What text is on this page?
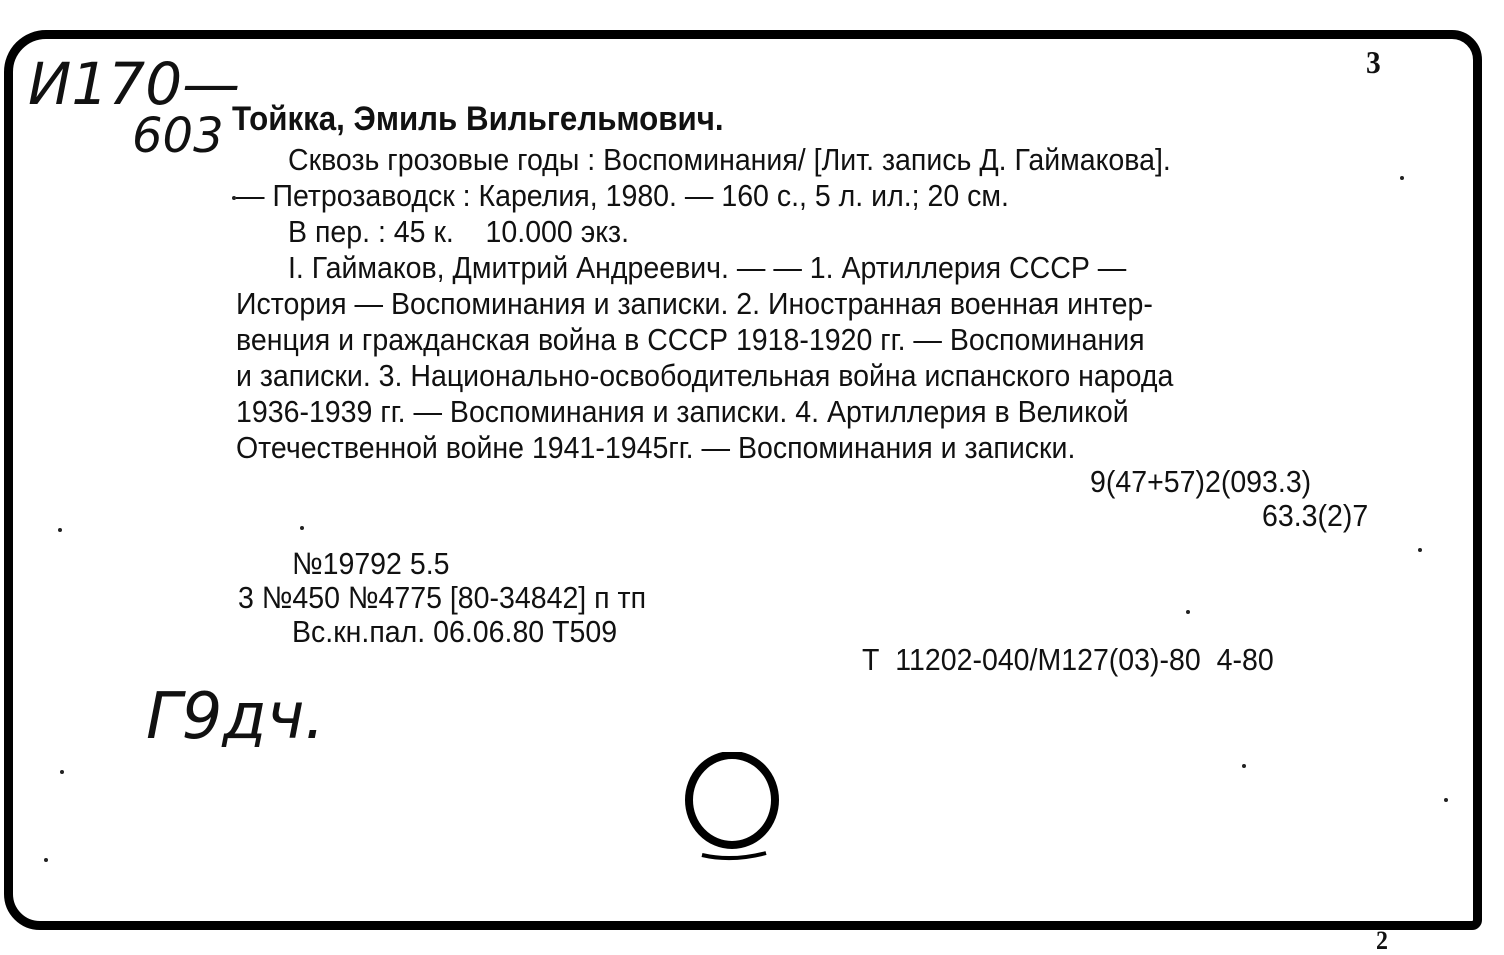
И170—
603
3
Тойкка, Эмиль Вильгельмович.
Сквозь грозовые годы : Воспоминания/ [Лит. запись Д. Гаймакова].
— Петрозаводск : Карелия, 1980. — 160 с., 5 л. ил.; 20 см.
В пер. : 45 к.    10.000 экз.
I. Гаймаков, Дмитрий Андреевич. — — 1. Артиллерия СССР —
История — Воспоминания и записки. 2. Иностранная военная интер-
венция и гражданская война в СССР 1918-1920 гг. — Воспоминания
и записки. 3. Национально-освободительная война испанского народа
1936-1939 гг. — Воспоминания и записки. 4. Артиллерия в Великой
Отечественной войне 1941-1945гг. — Воспоминания и записки.
9(47+57)2(093.3)
63.3(2)7
№19792 5.5
3 №450 №4775 [80-34842] п тп
Вс.кн.пал. 06.06.80 Т509
Т  11202-040/М127(03)-80  4-80
Г9дч.
2
